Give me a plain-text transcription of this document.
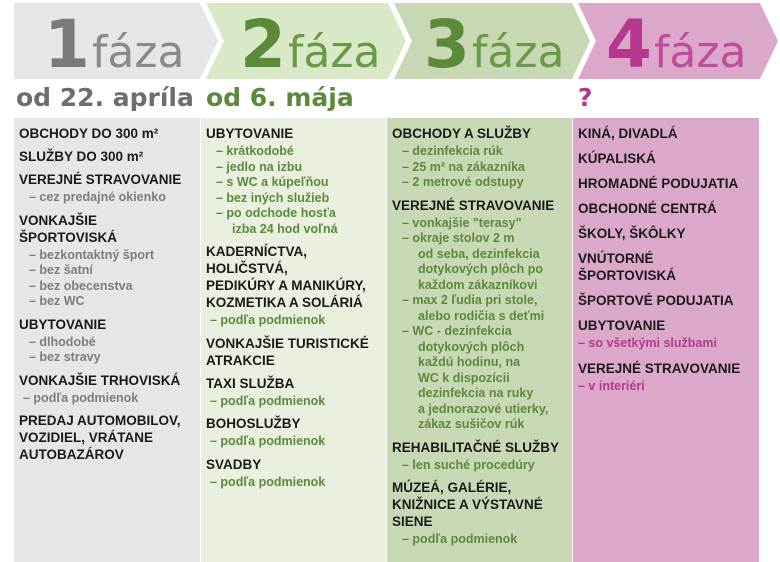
1 fáza 2 fáza 3 fáza 4 fáza
od 22. apríla od 6. mája	?
OBCHODY DO 300 m²
SLUŽBY DO 300 m²
VEREJNÉ STRAVOVANIE
– cez predajné okienko
VONKAJŠIE
ŠPORTOVISKÁ
– bezkontaktný šport
– bez šatní
– bez obecenstva
– bez WC
UBYTOVANIE
– dlhodobé
– bez stravy
VONKAJŠIE TRHOVISKÁ
– podľa podmienok
PREDAJ AUTOMOBILOV,
VOZIDIEL, VRÁTANE
AUTOBAZÁROV
UBYTOVANIE
– krátkodobé
– jedlo na izbu
– s WC a kúpeľňou
– bez iných služieb
– po odchode hosťa
izba 24 hod voľná
KADERNÍCTVA,
HOLIČSTVÁ,
PEDIKÚRY A MANIKÚRY,
KOZMETIKA A SOLÁRIÁ
– podľa podmienok
VONKAJŠIE TURISTICKÉ
ATRAKCIE
TAXI SLUŽBA
– podľa podmienok
BOHOSLUŽBY
– podľa podmienok
SVADBY
– podľa podmienok
OBCHODY A SLUŽBY
– dezinfekcia rúk
– 25 m² na zákazníka
– 2 metrové odstupy
VEREJNÉ STRAVOVANIE
– vonkajšie "terasy"
– okraje stolov 2 m
od seba, dezinfekcia
dotykových plôch po
každom zákazníkovi
– max 2 ľudia pri stole,
alebo rodičia s deťmi
– WC - dezinfekcia
dotykových plôch
každú hodinu, na
WC k dispozícii
dezinfekcia na ruky
a jednorazové utierky,
zákaz sušičov rúk
REHABILITAČNÉ SLUŽBY
– len suché procedúry
MÚZEÁ, GALÉRIE,
KNIŽNICE A VÝSTAVNÉ
SIENE
– podľa podmienok
KINÁ, DIVADLÁ
KÚPALISKÁ
HROMADNÉ PODUJATIA
OBCHODNÉ CENTRÁ
ŠKOLY, ŠKÔLKY
VNÚTORNÉ
ŠPORTOVISKÁ
ŠPORTOVÉ PODUJATIA
UBYTOVANIE
– so všetkými službami
VEREJNÉ STRAVOVANIE
– v interiéri
